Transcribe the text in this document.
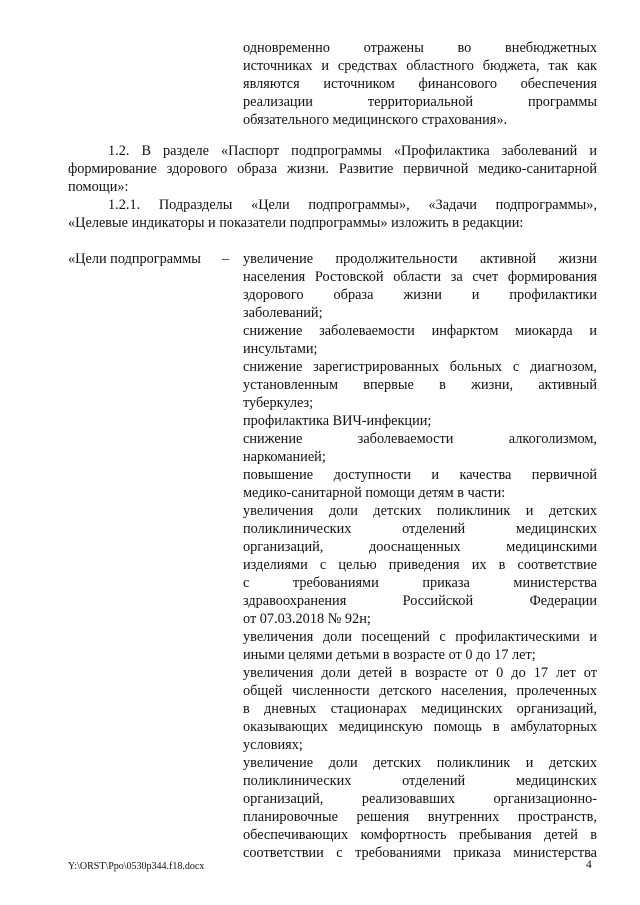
одновременно отражены во внебюджетных
источниках и средствах областного бюджета, так как
являются источником финансового обеспечения
реализации территориальной программы
обязательного медицинского страхования».
1.2. В разделе «Паспорт подпрограммы «Профилактика заболеваний и
формирование здорового образа жизни. Развитие первичной медико-санитарной
помощи»:
1.2.1. Подразделы «Цели подпрограммы», «Задачи подпрограммы»,
«Целевые индикаторы и показатели подпрограммы» изложить в редакции:
«Цели подпрограммы – увеличение продолжительности активной жизни
населения Ростовской области за счет формирования
здорового образа жизни и профилактики
заболеваний;
снижение заболеваемости инфарктом миокарда и
инсультами;
снижение зарегистрированных больных с диагнозом,
установленным впервые в жизни, активный
туберкулез;
профилактика ВИЧ-инфекции;
снижение заболеваемости алкоголизмом,
наркоманией;
повышение доступности и качества первичной
медико-санитарной помощи детям в части:
увеличения доли детских поликлиник и детских
поликлинических отделений медицинских
организаций, дооснащенных медицинскими
изделиями с целью приведения их в соответствие
с требованиями приказа министерства
здравоохранения Российской Федерации
от 07.03.2018 № 92н;
увеличения доли посещений с профилактическими и
иными целями детьми в возрасте от 0 до 17 лет;
увеличения доли детей в возрасте от 0 до 17 лет от
общей численности детского населения, пролеченных
в дневных стационарах медицинских организаций,
оказывающих медицинскую помощь в амбулаторных
условиях;
увеличение доли детских поликлиник и детских
поликлинических отделений медицинских
организаций, реализовавших организационно-
планировочные решения внутренних пространств,
обеспечивающих комфортность пребывания детей в
соответствии с требованиями приказа министерства
Y:\ORST\Ppo\0530p344.f18.docx	4
